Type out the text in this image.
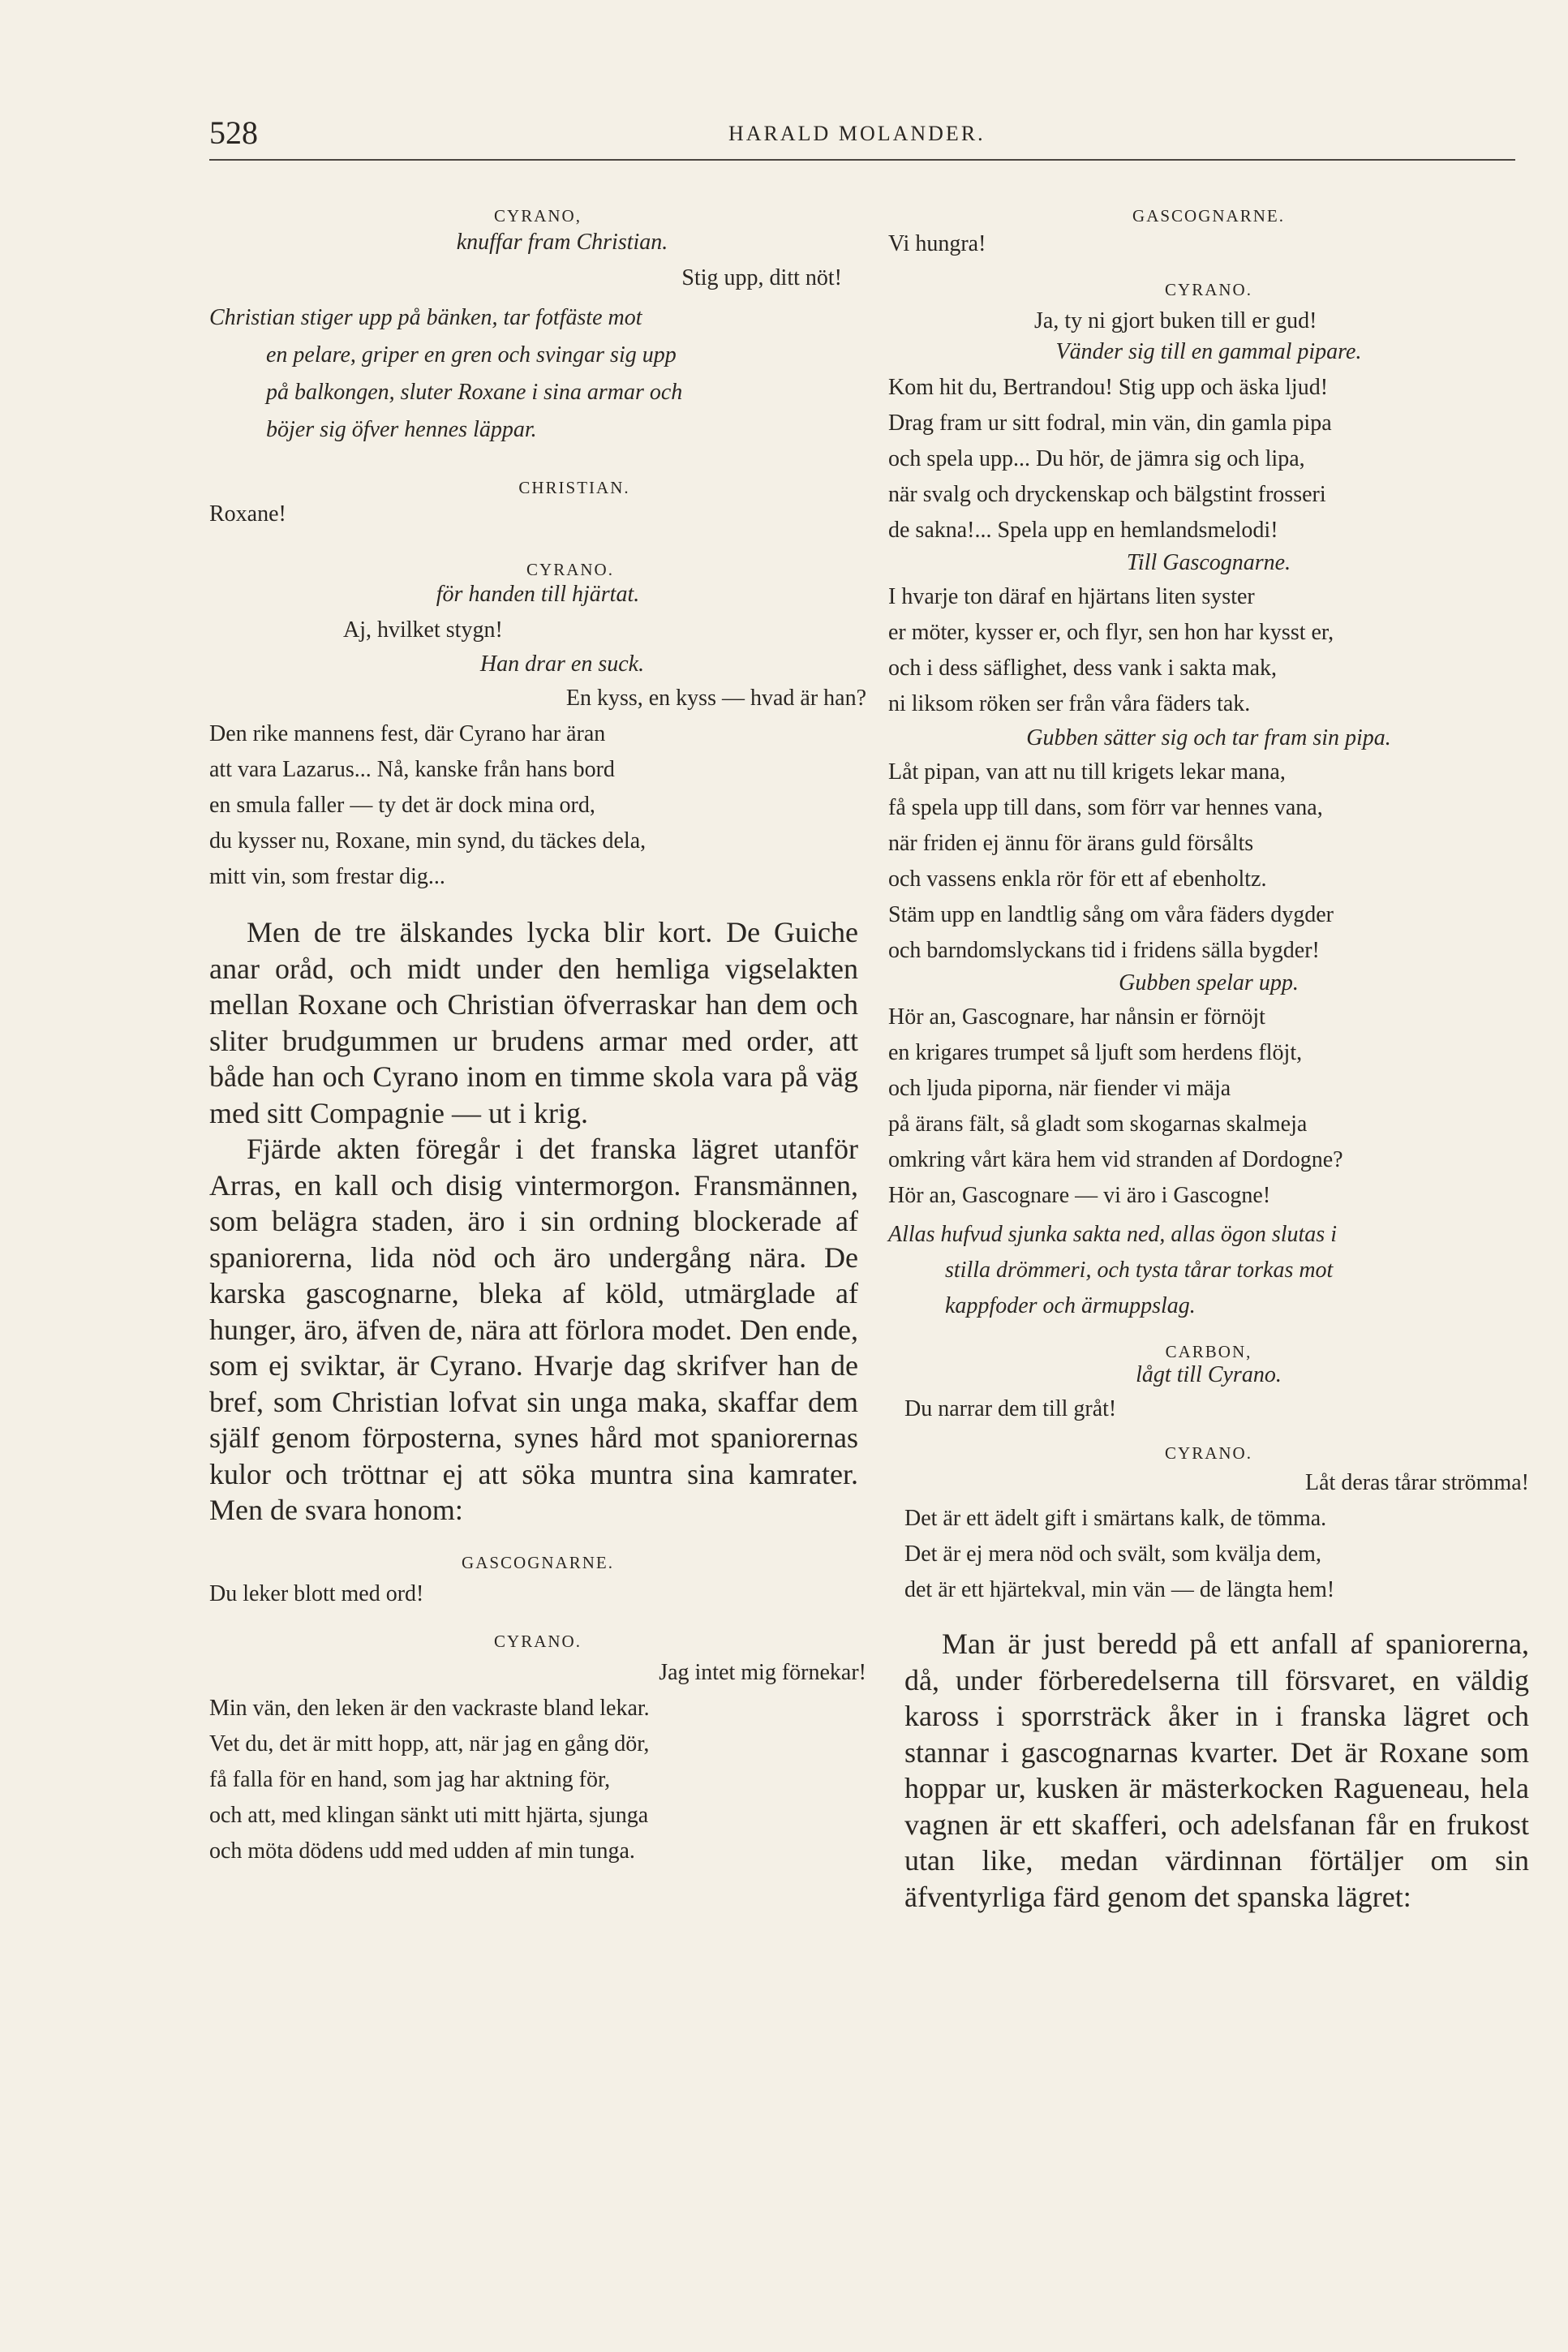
528	HARALD MOLANDER.
CYRANO,
knuffar fram Christian.
Stig upp, ditt nöt!
Christian stiger upp på bänken, tar fotfäste mot
en pelare, griper en gren och svingar sig upp
på balkongen, sluter Roxane i sina armar och
böjer sig öfver hennes läppar.
CHRISTIAN.
Roxane!
CYRANO.
för handen till hjärtat.
Aj, hvilket stygn!
Han drar en suck.
En kyss, en kyss — hvad är han?
Den rike mannens fest, där Cyrano har äran
att vara Lazarus... Nå, kanske från hans bord
en smula faller — ty det är dock mina ord,
du kysser nu, Roxane, min synd, du täckes dela,
mitt vin, som frestar dig...

Men de tre älskandes lycka blir kort. De Guiche anar oråd, och midt under den hemliga vigselakten mellan Roxane och Christian öfverraskar han dem och sliter brudgummen ur brudens armar med order, att både han och Cyrano inom en timme skola vara på väg med sitt Compagnie — ut i krig.

Fjärde akten föregår i det franska lägret utanför Arras, en kall och disig vintermorgon. Fransmännen, som belägra staden, äro i sin ordning blockerade af spaniorerna, lida nöd och äro undergång nära. De karska gascognarne, bleka af köld, utmärglade af hunger, äro, äfven de, nära att förlora modet. Den ende, som ej sviktar, är Cyrano. Hvarje dag skrifver han de bref, som Christian lofvat sin unga maka, skaffar dem själf genom förposterna, synes hård mot spaniorernas kulor och tröttnar ej att söka muntra sina kamrater. Men de svara honom:

GASCOGNARNE.
Du leker blott med ord!
CYRANO.
Jag intet mig förnekar!
Min vän, den leken är den vackraste bland lekar.
Vet du, det är mitt hopp, att, när jag en gång dör,
få falla för en hand, som jag har aktning för,
och att, med klingan sänkt uti mitt hjärta, sjunga
och möta dödens udd med udden af min tunga.
GASCOGNARNE.
Vi hungra!
CYRANO.
Ja, ty ni gjort buken till er gud!
Vänder sig till en gammal pipare.
Kom hit du, Bertrandou! Stig upp och äska ljud!
Drag fram ur sitt fodral, min vän, din gamla pipa
och spela upp... Du hör, de jämra sig och lipa,
när svalg och dryckenskap och bälgstint frosseri
de sakna!... Spela upp en hemlandsmelodi!
Till Gascognarne.
I hvarje ton däraf en hjärtans liten syster
er möter, kysser er, och flyr, sen hon har kysst er,
och i dess säflighet, dess vank i sakta mak,
ni liksom röken ser från våra fäders tak.
Gubben sätter sig och tar fram sin pipa.
Låt pipan, van att nu till krigets lekar mana,
få spela upp till dans, som förr var hennes vana,
när friden ej ännu för ärans guld försålts
och vassens enkla rör för ett af ebenholtz.
Stäm upp en landtlig sång om våra fäders dygder
och barndomslyckans tid i fridens sälla bygder!
Gubben spelar upp.
Hör an, Gascognare, har nånsin er förnöjt
en krigares trumpet så ljuft som herdens flöjt,
och ljuda piporna, när fiender vi mäja
på ärans fält, så gladt som skogarnas skalmeja
omkring vårt kära hem vid stranden af Dordogne?
Hör an, Gascognare — vi äro i Gascogne!
Allas hufvud sjunka sakta ned, allas ögon slutas i
stilla drömmeri, och tysta tårar torkas mot
kappfoder och ärmuppslag.
CARBON,
lågt till Cyrano.
Du narrar dem till gråt!
CYRANO.
Låt deras tårar strömma!
Det är ett ädelt gift i smärtans kalk, de tömma.
Det är ej mera nöd och svält, som kvälja dem,
det är ett hjärtekval, min vän — de längta hem!

Man är just beredd på ett anfall af spaniorerna, då, under förberedelserna till försvaret, en väldig kaross i sporrsträck åker in i franska lägret och stannar i gascognarnas kvarter. Det är Roxane som hoppar ur, kusken är mästerkocken Ragueneau, hela vagnen är ett skafferi, och adelsfanan får en frukost utan like, medan värdinnan förtäljer om sin äfventyrliga färd genom det spanska lägret:
